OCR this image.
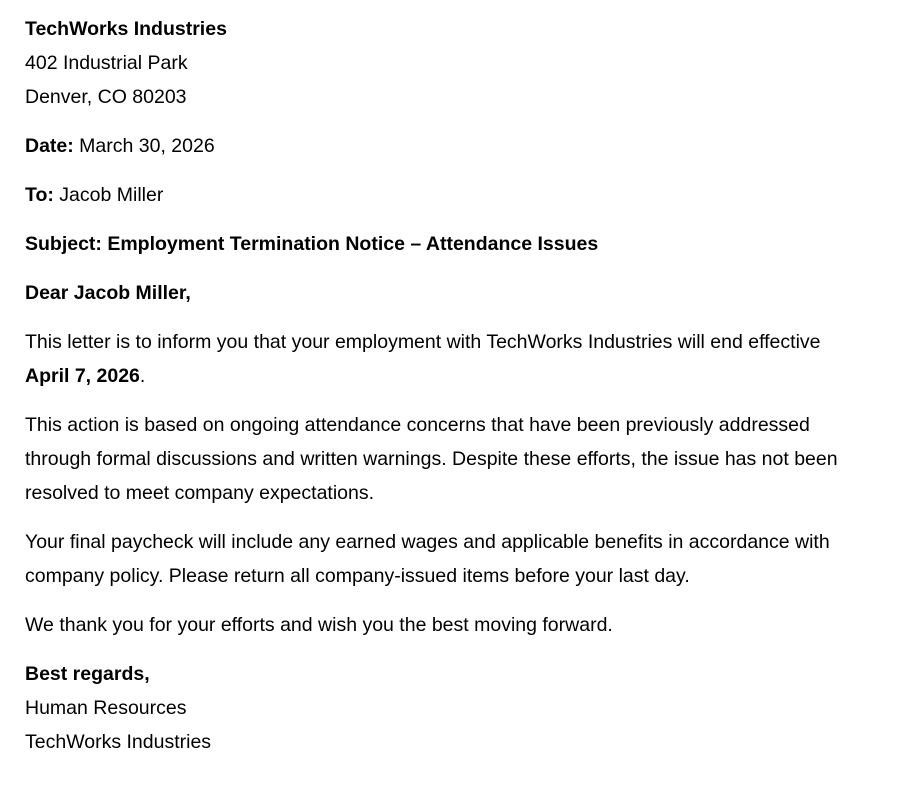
TechWorks Industries

402 Industrial Park

Denver, CO 80203

Date: March 30, 2026

To: Jacob Miller

Subject: Employment Termination Notice – Attendance Issues

Dear Jacob Miller,

This letter is to inform you that your employment with TechWorks Industries will end effective April 7, 2026.

This action is based on ongoing attendance concerns that have been previously addressed through formal discussions and written warnings. Despite these efforts, the issue has not been resolved to meet company expectations.

Your final paycheck will include any earned wages and applicable benefits in accordance with company policy. Please return all company-issued items before your last day.

We thank you for your efforts and wish you the best moving forward.

Best regards,

Human Resources

TechWorks Industries
